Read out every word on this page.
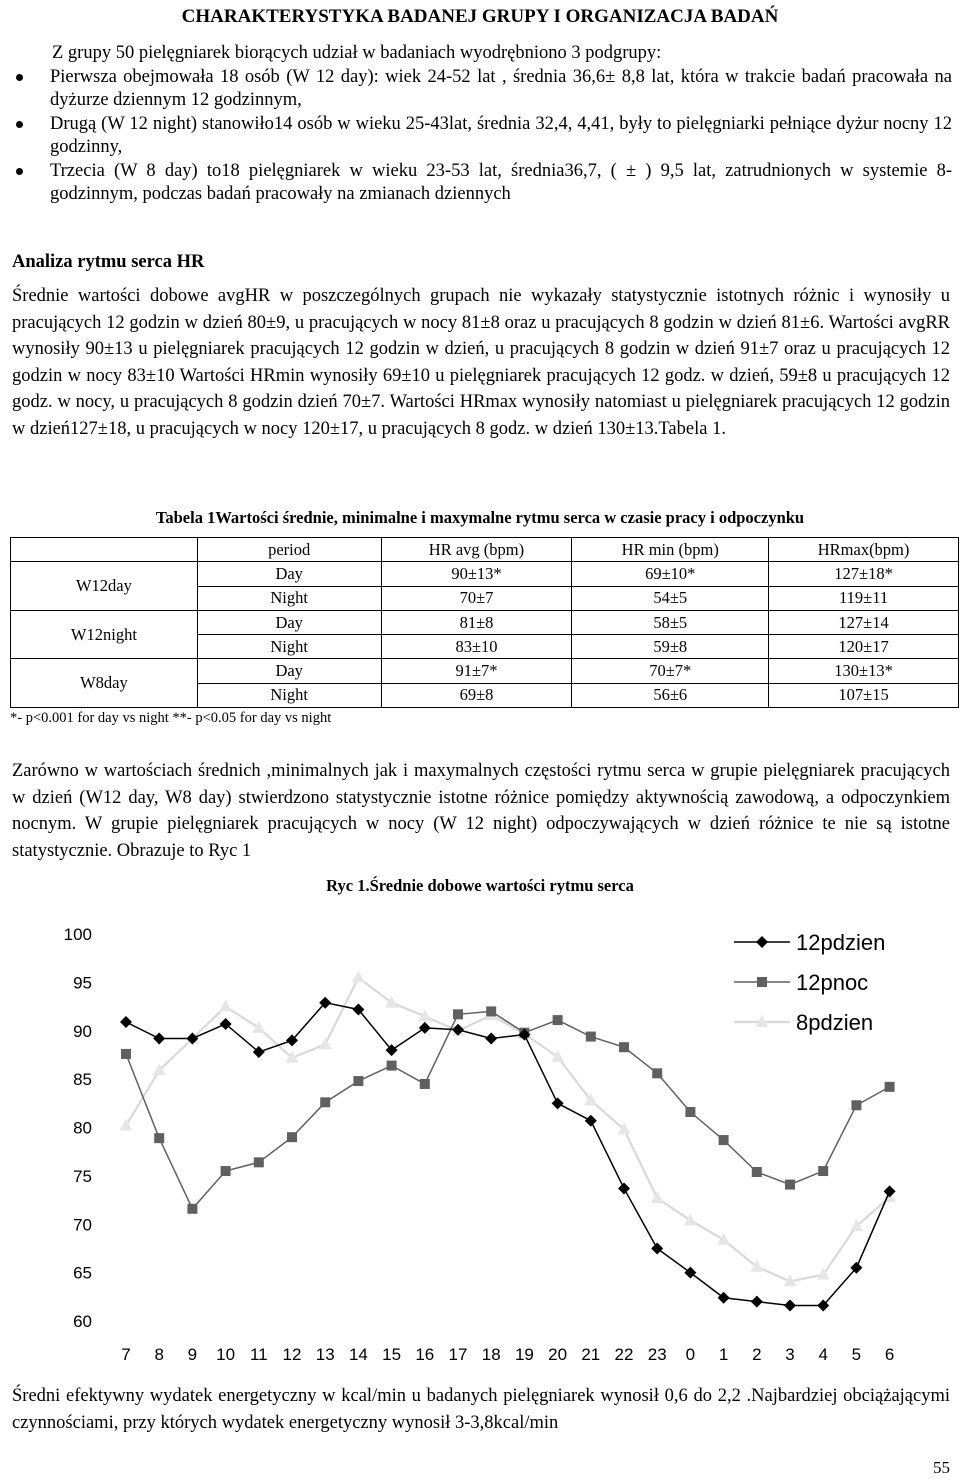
CHARAKTERYSTYKA BADANEJ GRUPY I ORGANIZACJA BADAŃ
Z grupy 50 pielęgniarek biorących udział w badaniach wyodrębniono 3 podgrupy:
Pierwsza obejmowała 18 osób (W 12 day): wiek 24-52 lat , średnia 36,6± 8,8 lat, która w trakcie badań pracowała na dyżurze dziennym 12 godzinnym,
Drugą (W 12 night) stanowiło14 osób w wieku 25-43lat, średnia 32,4, 4,41, były to pielęgniarki pełniące dyżur nocny 12 godzinny,
Trzecia (W 8 day) to18 pielęgniarek w wieku 23-53 lat, średnia36,7, ( ± ) 9,5 lat, zatrudnionych w systemie 8-godzinnym, podczas badań pracowały na zmianach dziennych
Analiza rytmu serca HR
Średnie wartości dobowe avgHR w poszczególnych grupach nie wykazały statystycznie istotnych różnic i wynosiły u pracujących 12 godzin w dzień 80±9, u pracujących w nocy 81±8 oraz u pracujących 8 godzin w dzień 81±6. Wartości avgRR wynosiły 90±13 u pielęgniarek pracujących 12 godzin w dzień, u pracujących 8 godzin w dzień 91±7 oraz u pracujących 12 godzin w nocy 83±10 Wartości HRmin wynosiły 69±10 u pielęgniarek pracujących 12 godz. w dzień, 59±8 u pracujących 12 godz. w nocy, u pracujących 8 godzin dzień 70±7. Wartości HRmax wynosiły natomiast u pielęgniarek pracujących 12 godzin w dzień127±18, u pracujących w nocy 120±17, u pracujących 8 godz. w dzień 130±13.Tabela 1.
Tabela 1Wartości średnie, minimalne i maxymalne rytmu serca w czasie pracy i odpoczynku
	period	HR avg (bpm)	HR min (bpm)	HRmax(bpm)
W12day	Day	90±13*	69±10*	127±18*
	Night	70±7	54±5	119±11
W12night	Day	81±8	58±5	127±14
	Night	83±10	59±8	120±17
W8day	Day	91±7*	70±7*	130±13*
	Night	69±8	56±6	107±15
*- p<0.001 for day vs night **- p<0.05 for day vs night
Zarówno w wartościach średnich ,minimalnych jak i maxymalnych częstości rytmu serca w grupie pielęgniarek pracujących w dzień (W12 day, W8 day) stwierdzono statystycznie istotne różnice pomiędzy aktywnością zawodową, a odpoczynkiem nocnym. W grupie pielęgniarek pracujących w nocy (W 12 night) odpoczywających w dzień różnice te nie są istotne statystycznie. Obrazuje to Ryc 1
Ryc 1.Średnie dobowe wartości rytmu serca
60
65
70
75
80
85
90
95
100
7 8 9 10 11 12 13 14 15 16 17 18 19 20 21 22 23 0 1 2 3 4 5 6
12pdzien
12pnoc
8pdzien
Średni efektywny wydatek energetyczny w kcal/min u badanych pielęgniarek wynosił 0,6 do 2,2 .Najbardziej obciążającymi czynnościami, przy których wydatek energetyczny wynosił 3-3,8kcal/min
55
